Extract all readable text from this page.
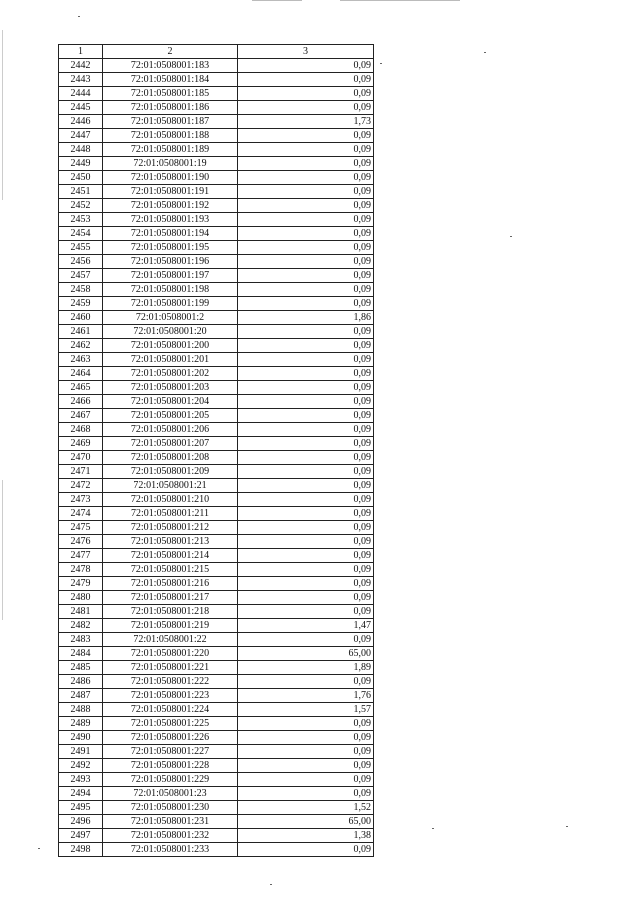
1	2	3
2442	72:01:0508001:183	0,09
2443	72:01:0508001:184	0,09
2444	72:01:0508001:185	0,09
2445	72:01:0508001:186	0,09
2446	72:01:0508001:187	1,73
2447	72:01:0508001:188	0,09
2448	72:01:0508001:189	0,09
2449	72:01:0508001:19	0,09
2450	72:01:0508001:190	0,09
2451	72:01:0508001:191	0,09
2452	72:01:0508001:192	0,09
2453	72:01:0508001:193	0,09
2454	72:01:0508001:194	0,09
2455	72:01:0508001:195	0,09
2456	72:01:0508001:196	0,09
2457	72:01:0508001:197	0,09
2458	72:01:0508001:198	0,09
2459	72:01:0508001:199	0,09
2460	72:01:0508001:2	1,86
2461	72:01:0508001:20	0,09
2462	72:01:0508001:200	0,09
2463	72:01:0508001:201	0,09
2464	72:01:0508001:202	0,09
2465	72:01:0508001:203	0,09
2466	72:01:0508001:204	0,09
2467	72:01:0508001:205	0,09
2468	72:01:0508001:206	0,09
2469	72:01:0508001:207	0,09
2470	72:01:0508001:208	0,09
2471	72:01:0508001:209	0,09
2472	72:01:0508001:21	0,09
2473	72:01:0508001:210	0,09
2474	72:01:0508001:211	0,09
2475	72:01:0508001:212	0,09
2476	72:01:0508001:213	0,09
2477	72:01:0508001:214	0,09
2478	72:01:0508001:215	0,09
2479	72:01:0508001:216	0,09
2480	72:01:0508001:217	0,09
2481	72:01:0508001:218	0,09
2482	72:01:0508001:219	1,47
2483	72:01:0508001:22	0,09
2484	72:01:0508001:220	65,00
2485	72:01:0508001:221	1,89
2486	72:01:0508001:222	0,09
2487	72:01:0508001:223	1,76
2488	72:01:0508001:224	1,57
2489	72:01:0508001:225	0,09
2490	72:01:0508001:226	0,09
2491	72:01:0508001:227	0,09
2492	72:01:0508001:228	0,09
2493	72:01:0508001:229	0,09
2494	72:01:0508001:23	0,09
2495	72:01:0508001:230	1,52
2496	72:01:0508001:231	65,00
2497	72:01:0508001:232	1,38
2498	72:01:0508001:233	0,09
